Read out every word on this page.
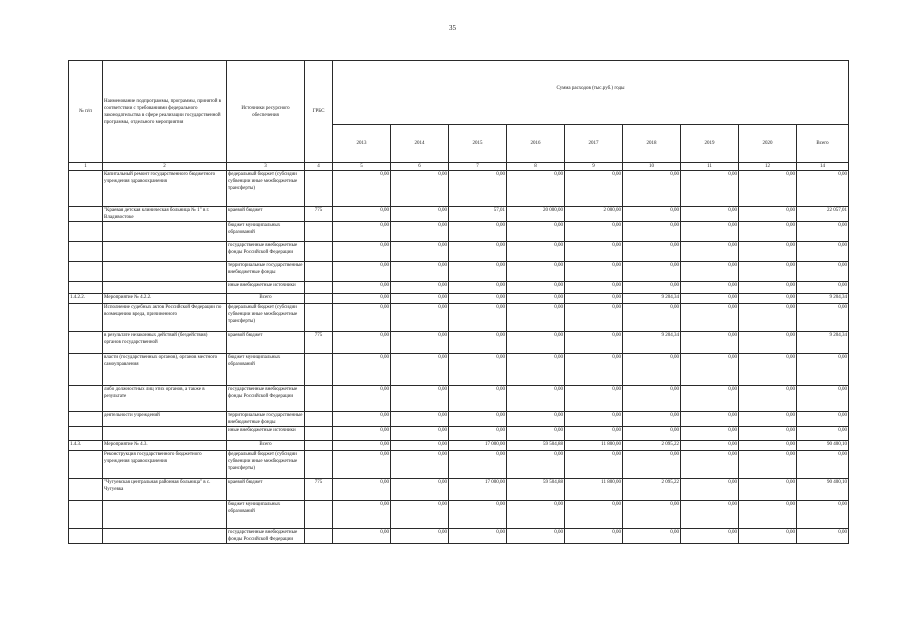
35
№ п/п	Наименование подпрограммы, программы, принятой в соответствии с требованиями федерального законодательства в сфере реализации государственной программы, отдельного мероприятия	Источники ресурсного обеспечения	ГРБС	Сумма расходов (тыс.руб.) годы								
				2013	2014	2015	2016	2017	2018	2019	2020	Всего
1	2	3	4	5	6	7	8	9	10	11	12	14
	Капитальный ремонт государственного бюджетного учреждения здравоохранения	федеральный бюджет (субсидии субвенции иные межбюджетные трансферты)		0,00	0,00	0,00	0,00	0,00	0,00	0,00	0,00	0,00
	"Краевая детская клиническая больница № 1" в г. Владивостоке	краевой бюджет	775	0,00	0,00	57,01	20 000,00	2 000,00	0,00	0,00	0,00	22 057,01
		бюджет муниципальных образований		0,00	0,00	0,00	0,00	0,00	0,00	0,00	0,00	0,00
		государственные внебюджетные фонды Российской Федерации		0,00	0,00	0,00	0,00	0,00	0,00	0,00	0,00	0,00
		территориальные государственные внебюджетные фонды		0,00	0,00	0,00	0,00	0,00	0,00	0,00	0,00	0,00
		иные внебюджетные источники		0,00	0,00	0,00	0,00	0,00	0,00	0,00	0,00	0,00
1.4.2.2.	Мероприятие № 4.2.2.	Всего		0,00	0,00	0,00	0,00	0,00	9 204,34	0,00	0,00	9 204,34
	Исполнение судебных актов Российской Федерации по возмещению вреда, причиненного	федеральный бюджет (субсидии субвенции иные межбюджетные трансферты)		0,00	0,00	0,00	0,00	0,00	0,00	0,00	0,00	0,00
	в результате незаконных действий (бездействия) органов государственной	краевой бюджет	775	0,00	0,00	0,00	0,00	0,00	9 204,34	0,00	0,00	9 204,34
	власти (государственных органов), органов местного самоуправления	бюджет муниципальных образований		0,00	0,00	0,00	0,00	0,00	0,00	0,00	0,00	0,00
	либо должностных лиц этих органов, а также в результате	государственные внебюджетные фонды Российской Федерации		0,00	0,00	0,00	0,00	0,00	0,00	0,00	0,00	0,00
	деятельности учреждений	территориальные государственные внебюджетные фонды		0,00	0,00	0,00	0,00	0,00	0,00	0,00	0,00	0,00
		иные внебюджетные источники		0,00	0,00	0,00	0,00	0,00	0,00	0,00	0,00	0,00
1.4.3.	Мероприятие № 4.3.	Всего		0,00	0,00	17 000,00	59 504,88	11 800,00	2 095,22	0,00	0,00	90 400,10
	Реконструкция государственного бюджетного учреждения здравоохранения	федеральный бюджет (субсидии субвенции иные межбюджетные трансферты)		0,00	0,00	0,00	0,00	0,00	0,00	0,00	0,00	0,00
	"Чугуевская центральная районная больница" в с. Чугуевка	краевой бюджет	775	0,00	0,00	17 000,00	59 504,88	11 800,00	2 095,22	0,00	0,00	90 400,10
		бюджет муниципальных образований		0,00	0,00	0,00	0,00	0,00	0,00	0,00	0,00	0,00
		государственные внебюджетные фонды Российской Федерации		0,00	0,00	0,00	0,00	0,00	0,00	0,00	0,00	0,00
